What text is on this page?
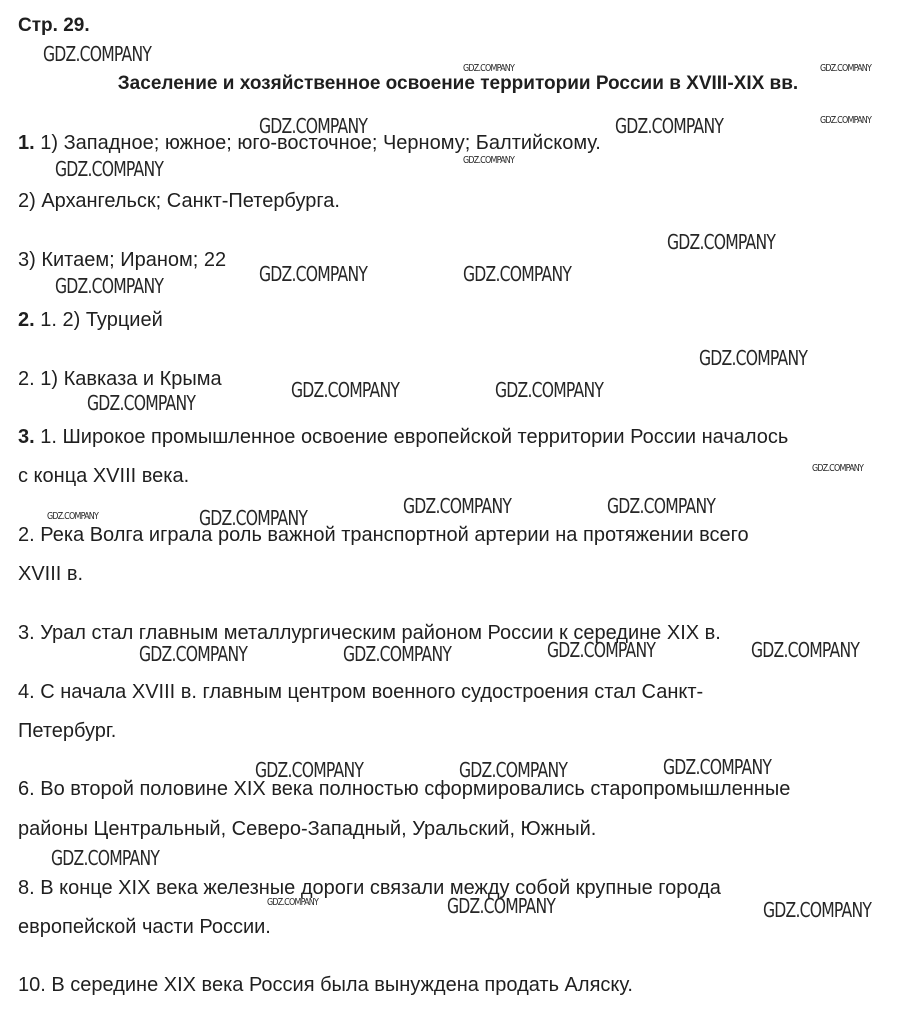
Стр. 29.
Заселение и хозяйственное освоение территории России в XVIII-XIX вв.
1. 1) Западное; южное; юго-восточное; Черному; Балтийскому.
2) Архангельск; Санкт-Петербурга.
3) Китаем; Ираном; 22
2. 1. 2) Турцией
2. 1) Кавказа и Крыма
3. 1. Широкое промышленное освоение европейской территории России началось
с конца XVIII века.
2. Река Волга играла роль важной транспортной артерии на протяжении всего
XVIII в.
3. Урал стал главным металлургическим районом России к середине XIX в.
4. С начала XVIII в. главным центром военного судостроения стал Санкт-
Петербург.
6. Во второй половине XIX века полностью сформировались старопромышленные
районы Центральный, Северо-Западный, Уральский, Южный.
8. В конце XIX века железные дороги связали между собой крупные города
европейской части России.
10. В середине XIX века Россия была вынуждена продать Аляску.
GDZ.COMPANY
GDZ.COMPANY	GDZ.COMPANY
GDZ.COMPANY	GDZ.COMPANY	GDZ.COMPANY
GDZ.COMPANY
GDZ.COMPANY
GDZ.COMPANY
GDZ.COMPANY	GDZ.COMPANY
GDZ.COMPANY
GDZ.COMPANY
GDZ.COMPANY	GDZ.COMPANY
GDZ.COMPANY
GDZ.COMPANY
GDZ.COMPANY	GDZ.COMPANY
GDZ.COMPANY	GDZ.COMPANY
GDZ.COMPANY	GDZ.COMPANY
GDZ.COMPANY	GDZ.COMPANY
GDZ.COMPANY
GDZ.COMPANY	GDZ.COMPANY
GDZ.COMPANY
GDZ.COMPANY	GDZ.COMPANY	GDZ.COMPANY
